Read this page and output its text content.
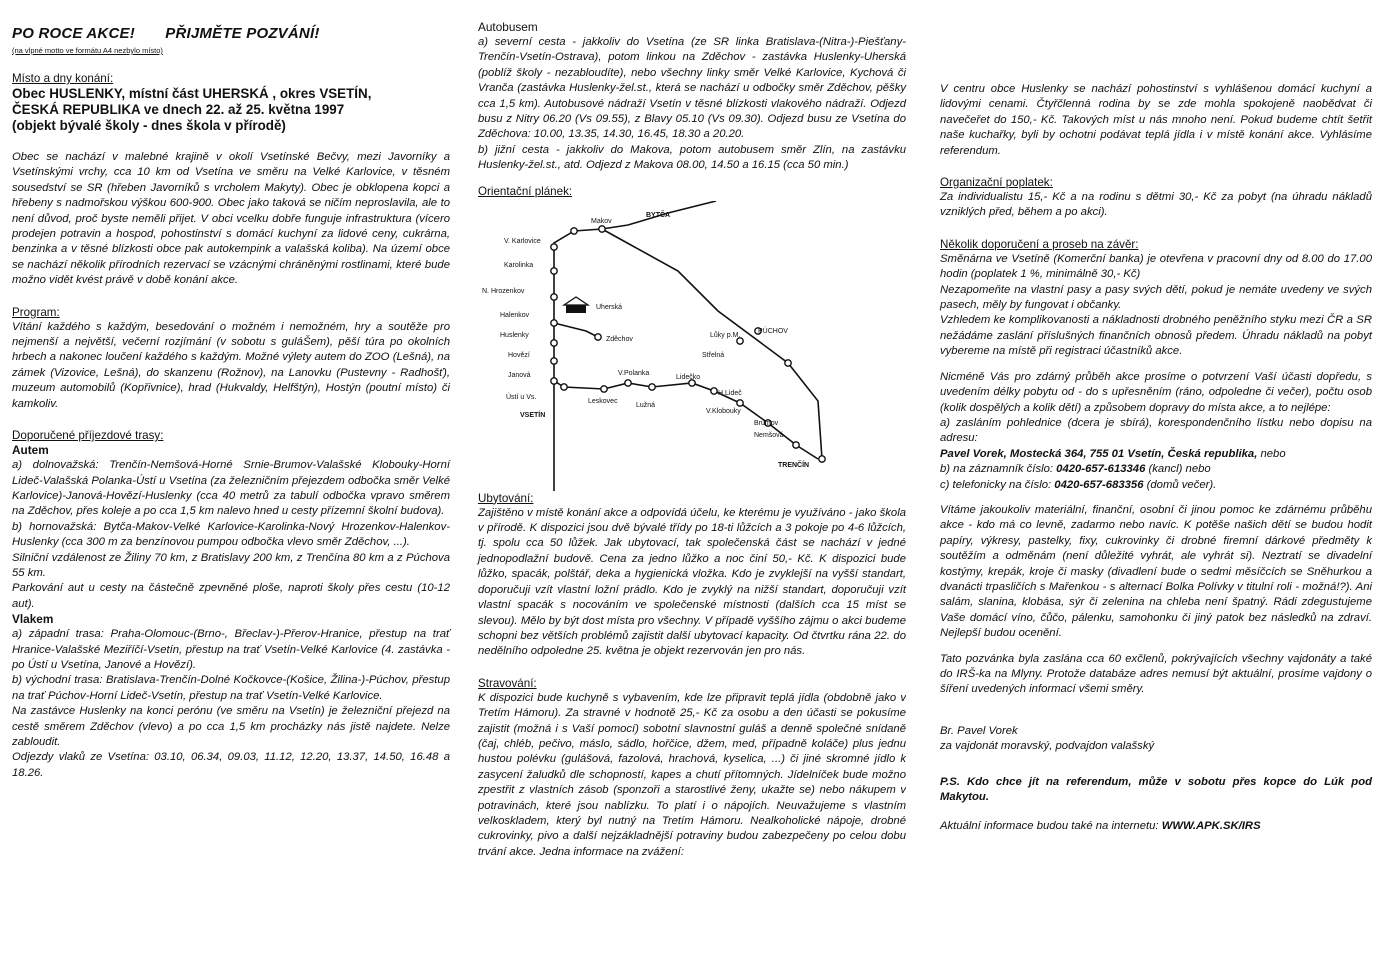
PO ROCE AKCE! PŘIJMĚTE POZVÁNÍ!
(na vlpné motto ve formátu A4 nezbylo místo)
Místo a dny konání:
Obec HUSLENKY, místní část UHERSKÁ , okres VSETÍN,
ČESKÁ REPUBLIKA ve dnech 22. až 25. května 1997
(objekt bývalé školy - dnes škola v přírodě)

Obec se nachází v malebné krajině v okolí Vsetínské Bečvy, mezi Javorníky a Vsetínskými vrchy, cca 10 km od Vsetína ve směru na Velké Karlovice, v těsném sousedství se SR (hřeben Javorníků s vrcholem Makyty). Obec je obklopena kopci a hřebeny s nadmořskou výškou 600-900. Obec jako taková se ničím neproslavila, ale to není důvod, proč byste neměli přijet. V obci vcelku dobře funguje infrastruktura (vícero prodejen potravin a hospod, pohostinství s domácí kuchyní za lidové ceny, cukrárna, benzinka a v těsné blízkosti obce pak autokempink a valašská koliba). Na území obce se nachází několik přírodních rezervací se vzácnými chráněnými rostlinami, které bude možno vidět kvést právě v době konání akce.

Program:

Vítání každého s každým, besedování o možném i nemožném, hry a soutěže pro nejmenší a největší, večerní rozjímání (v sobotu s guláŠem), pěší túra po okolních hrbech a nakonec loučení každého s každým. Možné výlety autem do ZOO (Lešná), na zámek (Vizovice, Lešná), do skanzenu (Rožnov), na Lanovku (Pustevny - Radhošť), muzeum automobilů (Kopřivnice), hrad (Hukvaldy, Helfštýn), Hostýn (poutní místo) či kamkoliv.

Doporučené příjezdové trasy:
Autem

a) dolnovažská: Trenčín-Nemšová-Horné Srnie-Brumov-Valašské Klobouky-Horní Lideč-Valašská Polanka-Ústí u Vsetína (za železničním přejezdem odbočka směr Velké Karlovice)-Janová-Hovězí-Huslenky (cca 40 metrů za tabulí odbočka vpravo směrem na Zděchov, přes koleje a po cca 1,5 km nalevo hned u cesty přízemní školní budova).

b) hornovažská: Bytča-Makov-Velké Karlovice-Karolinka-Nový Hrozenkov-Halenkov-Huslenky (cca 300 m za benzínovou pumpou odbočka vlevo směr Zděchov, ...).

Silniční vzdálenost ze Žiliny 70 km, z Bratislavy 200 km, z Trenčína 80 km a z Púchova 55 km.

Parkování aut u cesty na částečně zpevněné ploše, naproti školy přes cestu (10-12 aut).

Vlakem

a) západní trasa: Praha-Olomouc-(Brno-, Břeclav-)-Přerov-Hranice, přestup na trať Hranice-Valašské Meziříčí-Vsetín, přestup na trať Vsetín-Velké Karlovice (4. zastávka - po Ústí u Vsetína, Janové a Hovězí).

b) východní trasa: Bratislava-Trenčín-Dolné Kočkovce-(Košice, Žilina-)-Púchov, přestup na trať Púchov-Horní Lideč-Vsetín, přestup na trať Vsetín-Velké Karlovice.

Na zastávce Huslenky na konci perónu (ve směru na Vsetín) je železniční přejezd na cestě směrem Zděchov (vlevo) a po cca 1,5 km procházky nás jistě najdete. Nelze zabloudit.

Odjezdy vlaků ze Vsetína: 03.10, 06.34, 09.03, 11.12, 12.20, 13.37, 14.50, 16.48 a 18.26.

Autobusem

a) severní cesta - jakkoliv do Vsetína (ze SR linka Bratislava-(Nitra-)-Piešťany-Trenčín-Vsetín-Ostrava), potom linkou na Zděchov - zastávka Huslenky-Uherská (poblíž školy - nezabloudíte), nebo všechny linky směr Velké Karlovice, Kychová či Vranča (zastávka Huslenky-žel.st., která se nachází u odbočky směr Zděchov, pěšky cca 1,5 km). Autobusové nádraží Vsetín v těsné blízkosti vlakového nádraží. Odjezd busu z Nitry 06.20 (Vs 09.55), z Blavy 05.10 (Vs 09.30). Odjezd busu ze Vsetína do Zděchova: 10.00, 13.35, 14.30, 16.45, 18.30 a 20.20.

b) jižní cesta - jakkoliv do Makova, potom autobusem směr Zlín, na zastávku Huslenky-žel.st., atd. Odjezd z Makova 08.00, 14.50 a 16.15 (cca 50 min.)

Orientační plánek:
Makov
BYTČA
V. Karlovice
Karolinka
N. Hrozenkov
Halenkov
Huslenky
Hovězí
Janová
Ústí u Vs.
VSETÍN
Uherská
Zděchov
Leskovec
V.Polanka
Lužná
Lidečko
H.Lideč
V.Klobouky
Brumov
Nemšová
TRENČÍN
Lůky p.M.
Střelná
PÚCHOV
Ubytování:

Zajištěno v místě konání akce a odpovídá účelu, ke kterému je využíváno - jako škola v přírodě. K dispozici jsou dvě bývalé třídy po 18-ti lůžcích a 3 pokoje po 4-6 lůžcích, tj. spolu cca 50 lůžek. Jak ubytovací, tak společenská část se nachází v jedné jednopodlažní budově. Cena za jedno lůžko a noc činí 50,- Kč. K dispozici bude lůžko, spacák, polštář, deka a hygienická vložka. Kdo je zvyklejší na vyšší standart, doporučuji vzít vlastní ložní prádlo. Kdo je zvyklý na nižší standart, doporučuji vzít vlastní spacák s nocováním ve společenské místnosti (dalších cca 15 míst se slevou). Mělo by být dost místa pro všechny. V případě vyššího zájmu o akci budeme schopni bez větších problémů zajistit další ubytovací kapacity. Od čtvrtku rána 22. do nedělního odpoledne 25. května je objekt rezervován jen pro nás.

Stravování:

K dispozici bude kuchyně s vybavením, kde lze připravit teplá jídla (obdobně jako v Tretím Hámoru). Za stravné v hodnotě 25,- Kč za osobu a den účasti se pokusíme zajistit (možná i s Vaší pomocí) sobotní slavnostní guláš a denně společné snídaně (čaj, chléb, pečivo, máslo, sádlo, hořčice, džem, med, případně koláče) plus jednu hustou polévku (gulášová, fazolová, hrachová, kyselica, ...) či jiné skromné jídlo k zasycení žaludků dle schopností, kapes a chutí přítomných. Jídelníček bude možno zpestřit z vlastních zásob (sponzoři a starostlivé ženy, ukažte se) nebo nákupem v potravinách, které jsou nablízku. To platí i o nápojích. Neuvažujeme s vlastním velkoskladem, který byl nutný na Tretím Hámoru. Nealkoholické nápoje, drobné cukrovinky, pivo a další nejzákladnější potraviny budou zabezpečeny po celou dobu trvání akce. Jedna informace na zvážení:

V centru obce Huslenky se nachází pohostinství s vyhlášenou domácí kuchyní a lidovými cenami. Čtyřčlenná rodina by se zde mohla spokojeně naobědvat či navečeřet do 150,- Kč. Takových míst u nás mnoho není. Pokud budeme chtít šetřit naše kuchařky, byli by ochotni podávat teplá jídla i v místě konání akce. Vyhlásíme referendum.

Organizační poplatek:

Za individualistu 15,- Kč a na rodinu s dětmi 30,- Kč za pobyt (na úhradu nákladů vzniklých před, během a po akci).

Několik doporučení a proseb na závěr:

Směnárna ve Vsetíně (Komerční banka) je otevřena v pracovní dny od 8.00 do 17.00 hodin (poplatek 1 %, minimálně 30,- Kč)

Nezapomeňte na vlastní pasy a pasy svých dětí, pokud je nemáte uvedeny ve svých pasech, měly by fungovat i občanky.

Vzhledem ke komplikovanosti a nákladnosti drobného peněžního styku mezi ČR a SR nežádáme zaslání příslušných finančních obnosů předem. Úhradu nákladů na pobyt vybereme na místě při registraci účastníků akce.

Nicméně Vás pro zdárný průběh akce prosíme o potvrzení Vaší účasti dopředu, s uvedením délky pobytu od - do s upřesněním (ráno, odpoledne či večer), počtu osob (kolik dospělých a kolik dětí) a způsobem dopravy do místa akce, a to nejlépe:

a) zasláním pohlednice (dcera je sbírá), korespondenčního lístku nebo dopisu na adresu:

Pavel Vorek, Mostecká 364, 755 01 Vsetín, Česká republika, nebo

b) na záznamník číslo: 0420-657-613346 (kancl) nebo

c) telefonicky na číslo: 0420-657-683356 (domů večer).

Vítáme jakoukoliv materiální, finanční, osobní či jinou pomoc ke zdárnému průběhu akce - kdo má co levně, zadarmo nebo navíc. K potěše našich dětí se budou hodit papíry, výkresy, pastelky, fixy, cukrovinky či drobné firemní dárkové předměty k soutěžím a odměnám (není důležité vyhrát, ale vyhrát si). Neztratí se divadelní kostýmy, krepák, kroje či masky (divadlení bude o sedmi měsíčcích se Sněhurkou a dvanácti trpasličích s Mařenkou - s alternací Bolka Polívky v titulní roli - možná!?). Ani salám, slanina, klobása, sýr či zelenina na chleba není špatný. Rádi zdegustujeme Vaše domácí víno, čůčo, pálenku, samohonku či jiný patok bez následků na zdraví. Nejlepší budou ocenění.

Tato pozvánka byla zaslána cca 60 exčlenů, pokrývajících všechny vajdonáty a také do IRŠ-ka na Mlyny. Protože databáze adres nemusí být aktuální, prosíme vajdony o šíření uvedených informací všemi směry.

Br. Pavel Vorek

za vajdonát moravský, podvajdon valašský

P.S. Kdo chce jít na referendum, může v sobotu přes kopce do Lúk pod Makytou.

Aktuální informace budou také na internetu: WWW.APK.SK/IRS
